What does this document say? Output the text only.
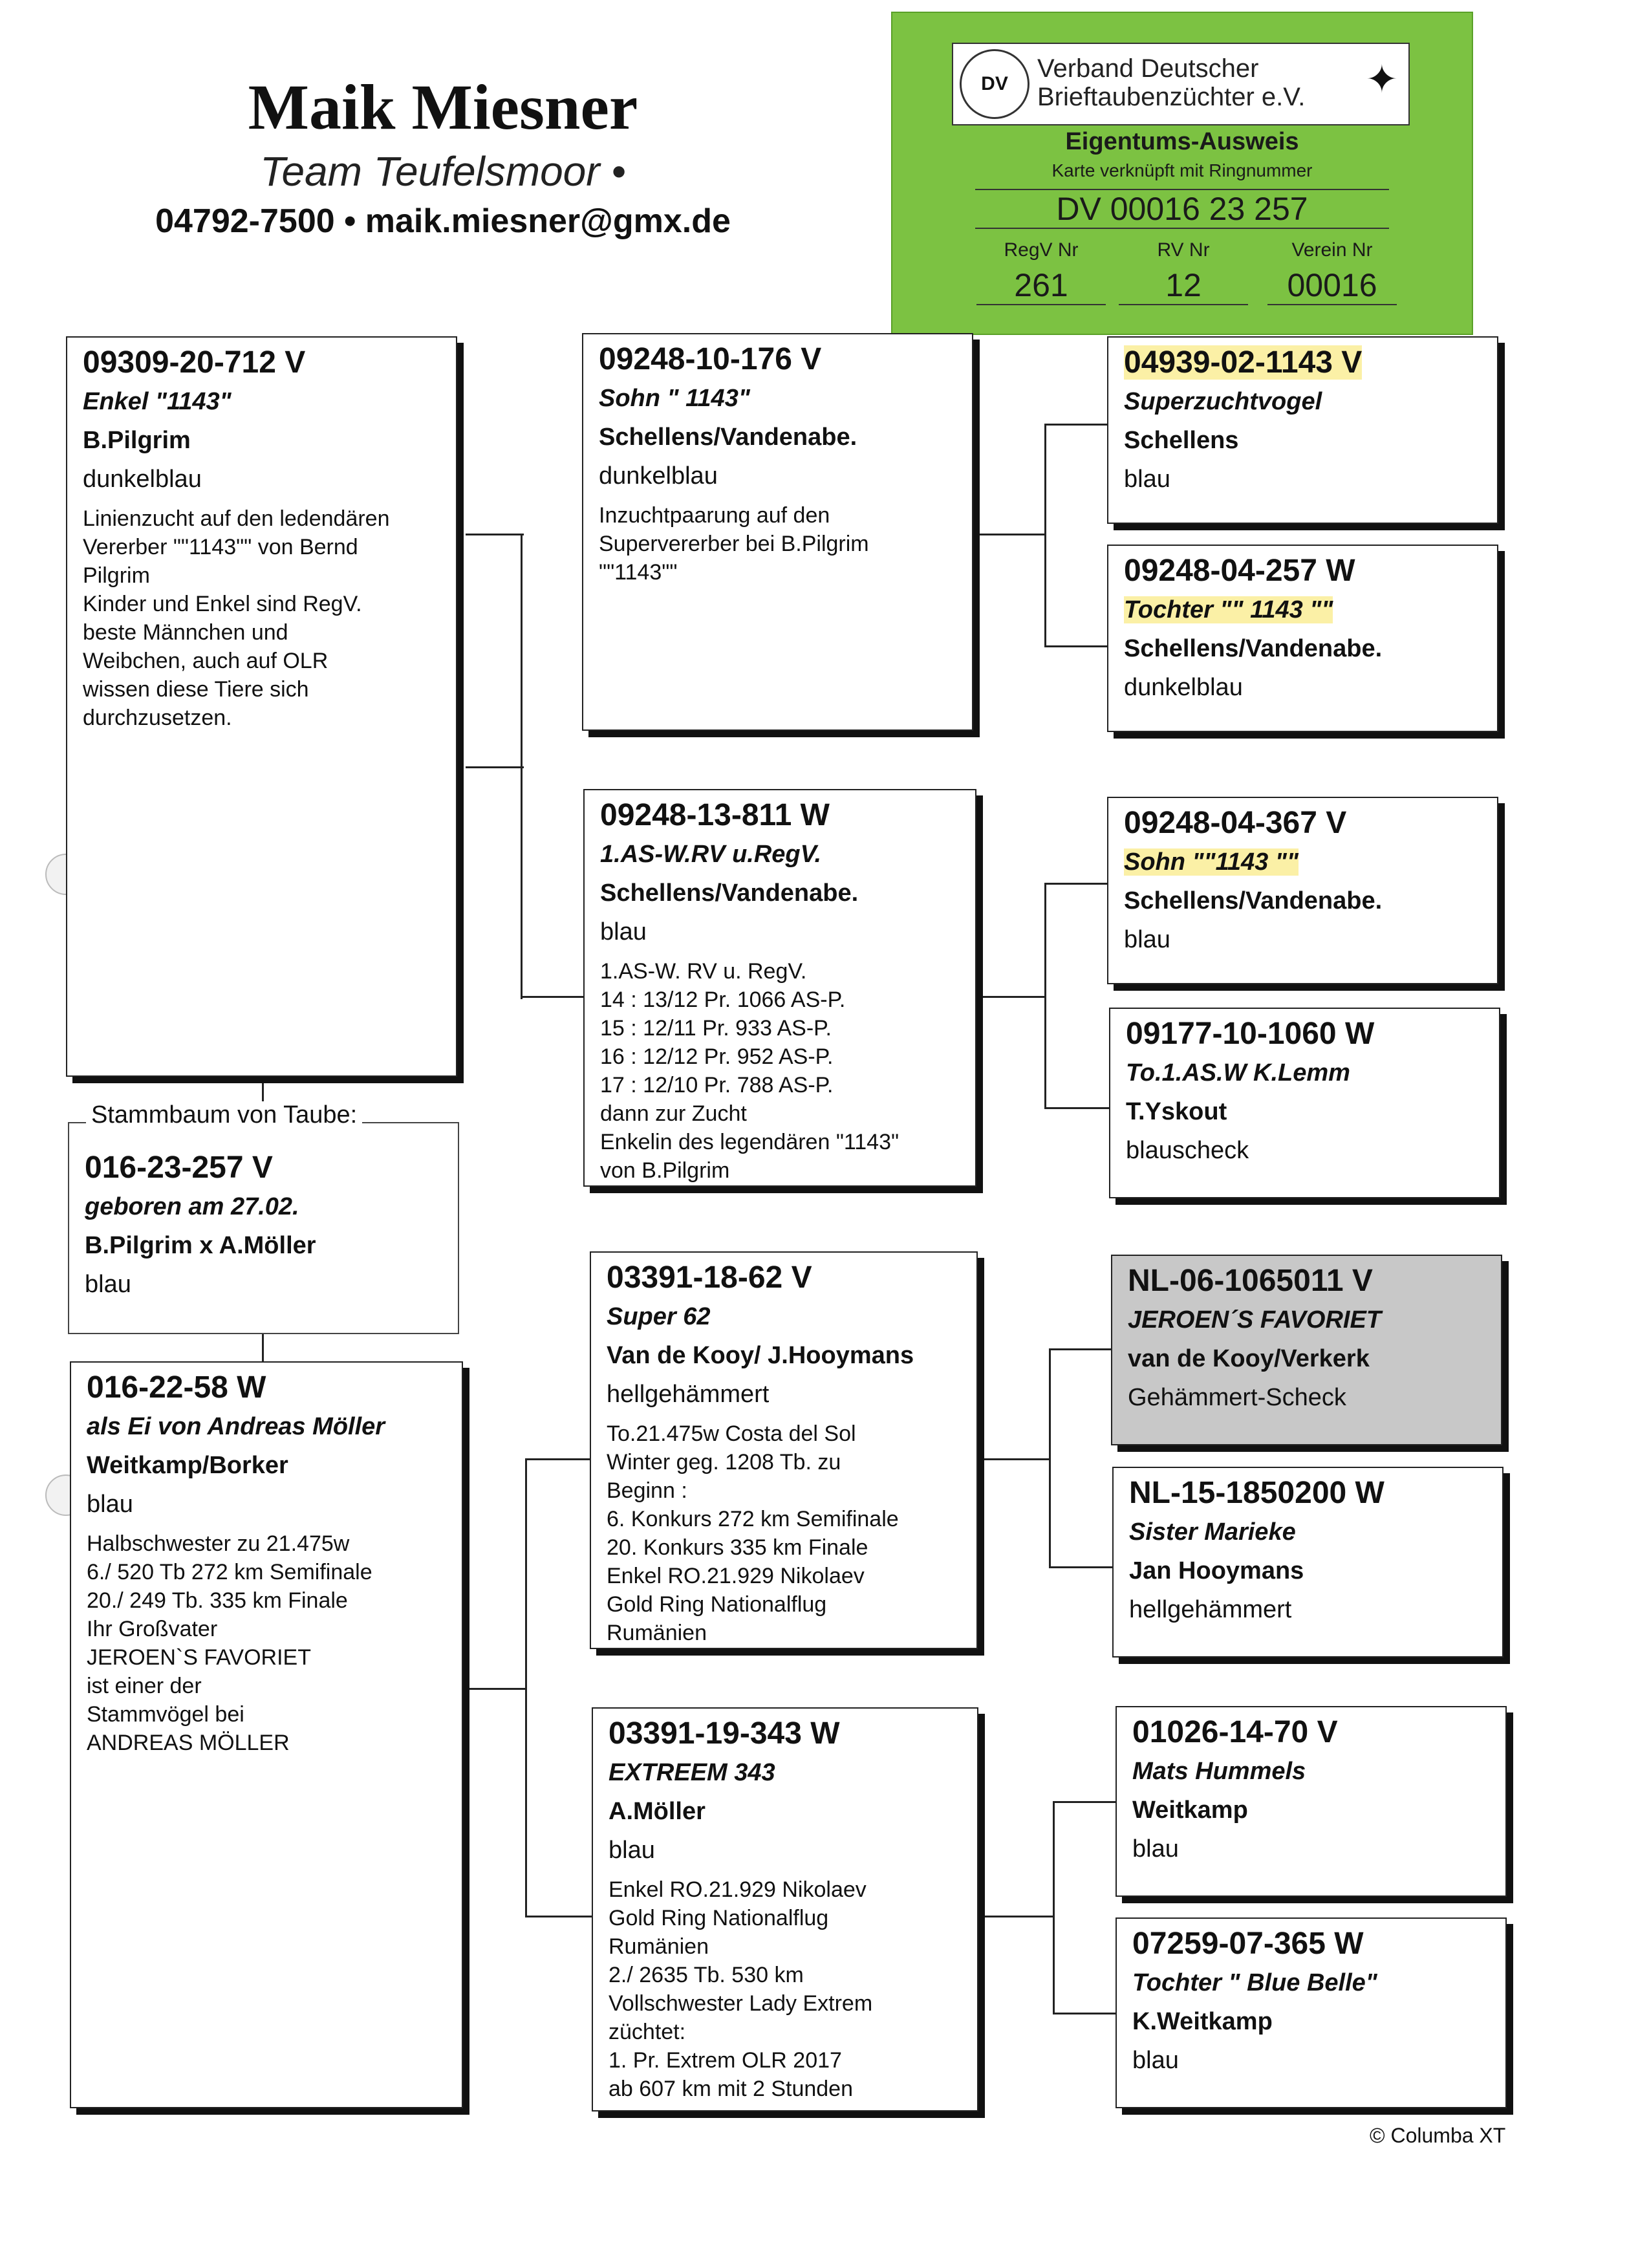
Maik Miesner
Team Teufelsmoor •
04792-7500 • maik.miesner@gmx.de
DV
Verband Deutscher
Brieftaubenzüchter e.V. ✦
Eigentums-Ausweis
Karte verknüpft mit Ringnummer
DV 00016 23 257
RegV Nr	RV Nr	Verein Nr
261	12	00016
09309-20-712 V
Enkel "1143"
B.Pilgrim
dunkelblau
Linienzucht auf den ledendären
Vererber ""1143"" von Bernd
Pilgrim
Kinder und Enkel sind RegV.
beste Männchen und
Weibchen, auch auf OLR
wissen diese Tiere sich
durchzusetzen.
Stammbaum von Taube:
016-23-257 V
geboren am 27.02.
B.Pilgrim x A.Möller
blau
016-22-58 W
als Ei von Andreas Möller
Weitkamp/Borker
blau
Halbschwester zu 21.475w
6./ 520 Tb 272 km Semifinale
20./ 249 Tb. 335 km Finale
Ihr Großvater
JEROEN`S FAVORIET
ist einer der
Stammvögel bei
ANDREAS MÖLLER
09248-10-176 V
Sohn " 1143"
Schellens/Vandenabe.
dunkelblau
Inzuchtpaarung auf den
Supervererber bei B.Pilgrim
""1143""
09248-13-811 W
1.AS-W.RV u.RegV.
Schellens/Vandenabe.
blau
1.AS-W. RV u. RegV.
14 : 13/12 Pr. 1066 AS-P.
15 : 12/11 Pr. 933 AS-P.
16 : 12/12 Pr. 952 AS-P.
17 : 12/10 Pr. 788 AS-P.
dann zur Zucht
Enkelin des legendären "1143"
von B.Pilgrim
03391-18-62 V
Super 62
Van de Kooy/ J.Hooymans
hellgehämmert
To.21.475w Costa del Sol
Winter geg. 1208 Tb. zu
Beginn :
6. Konkurs 272 km Semifinale
20. Konkurs 335 km Finale
Enkel RO.21.929 Nikolaev
Gold Ring Nationalflug
Rumänien
03391-19-343 W
EXTREEM 343
A.Möller
blau
Enkel RO.21.929 Nikolaev
Gold Ring Nationalflug
Rumänien
2./ 2635 Tb. 530 km
Vollschwester Lady Extrem
züchtet:
1. Pr. Extrem OLR 2017
ab 607 km mit 2 Stunden
04939-02-1143 V
Superzuchtvogel
Schellens
blau
09248-04-257 W
Tochter "" 1143 ""
Schellens/Vandenabe.
dunkelblau
09248-04-367 V
Sohn ""1143 ""
Schellens/Vandenabe.
blau
09177-10-1060 W
To.1.AS.W K.Lemm
T.Yskout
blauscheck
NL-06-1065011 V
JEROEN´S FAVORIET
van de Kooy/Verkerk
Gehämmert-Scheck
NL-15-1850200 W
Sister Marieke
Jan Hooymans
hellgehämmert
01026-14-70 V
Mats Hummels
Weitkamp
blau
07259-07-365 W
Tochter " Blue Belle"
K.Weitkamp
blau
© Columba XT
